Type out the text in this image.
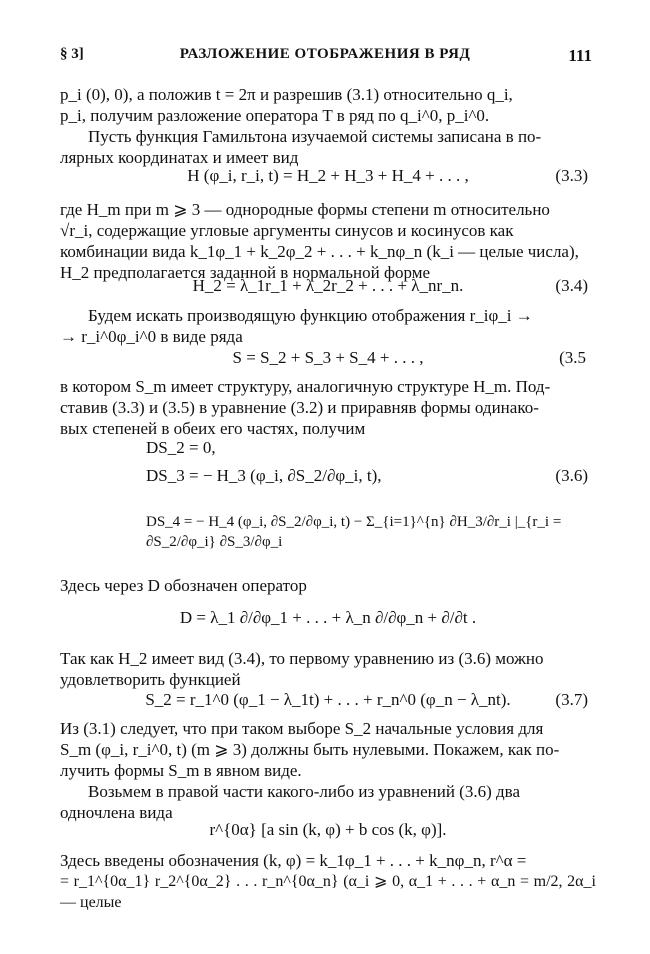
§ 3]	РАЗЛОЖЕНИЕ ОТОБРАЖЕНИЯ В РЯД	111
p_i (0), 0), а положив t = 2π и разрешив (3.1) относительно q_i,
p_i, получим разложение оператора T в ряд по q_i^0, p_i^0.
Пусть функция Гамильтона изучаемой системы записана в по-
лярных координатах и имеет вид
H (φ_i, r_i, t) = H_2 + H_3 + H_4 + . . . ,	(3.3)
где H_m при m ⩾ 3 — однородные формы степени m относительно
√r_i, содержащие угловые аргументы синусов и косинусов как
комбинации вида k_1φ_1 + k_2φ_2 + . . . + k_nφ_n (k_i — целые числа),
H_2 предполагается заданной в нормальной форме
H_2 = λ_1r_1 + λ_2r_2 + . . . + λ_nr_n.	(3.4)
Будем искать производящую функцию отображения r_iφ_i →
→ r_i^0φ_i^0 в виде ряда
S = S_2 + S_3 + S_4 + . . . ,	(3.5
в котором S_m имеет структуру, аналогичную структуре H_m. Под-
ставив (3.3) и (3.5) в уравнение (3.2) и приравняв формы одинако-
вых степеней в обеих его частях, получим
DS_2 = 0,
DS_3 = − H_3 (φ_i, ∂S_2/∂φ_i, t),	(3.6)
DS_4 = − H_4 (φ_i, ∂S_2/∂φ_i, t) − Σ_{i=1}^{n} ∂H_3/∂r_i |_{r_i = ∂S_2/∂φ_i} ∂S_3/∂φ_i
Здесь через D обозначен оператор
D = λ_1 ∂/∂φ_1 + . . . + λ_n ∂/∂φ_n + ∂/∂t .
Так как H_2 имеет вид (3.4), то первому уравнению из (3.6) можно
удовлетворить функцией
S_2 = r_1^0 (φ_1 − λ_1t) + . . . + r_n^0 (φ_n − λ_nt).	(3.7)
Из (3.1) следует, что при таком выборе S_2 начальные условия для
S_m (φ_i, r_i^0, t) (m ⩾ 3) должны быть нулевыми. Покажем, как по-
лучить формы S_m в явном виде.
Возьмем в правой части какого-либо из уравнений (3.6) два
одночлена вида
r^{0α} [a sin (k, φ) + b cos (k, φ)].
Здесь введены обозначения (k, φ) = k_1φ_1 + . . . + k_nφ_n, r^α =
= r_1^{0α_1} r_2^{0α_2} . . . r_n^{0α_n} (α_i ⩾ 0, α_1 + . . . + α_n = m/2, 2α_i — целые
